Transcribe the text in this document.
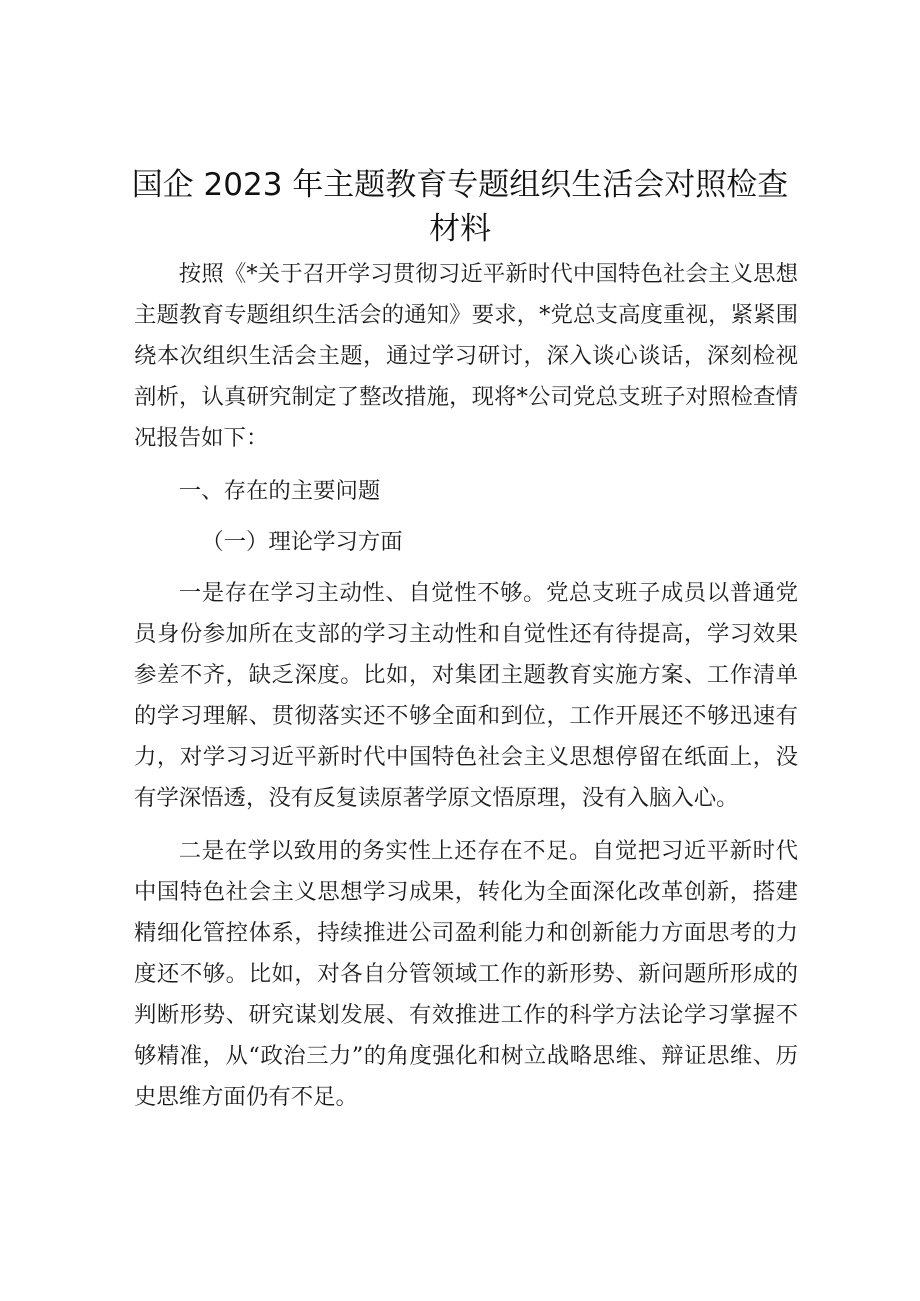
国企 2023 年主题教育专题组织生活会对照检查
材料

按照《*关于召开学习贯彻习近平新时代中国特色社会主义思想主题教育专题组织生活会的通知》要求，*党总支高度重视，紧紧围绕本次组织生活会主题，通过学习研讨，深入谈心谈话，深刻检视剖析，认真研究制定了整改措施，现将*公司党总支班子对照检查情况报告如下：

一、存在的主要问题

（一）理论学习方面

一是存在学习主动性、自觉性不够。党总支班子成员以普通党员身份参加所在支部的学习主动性和自觉性还有待提高，学习效果参差不齐，缺乏深度。比如，对集团主题教育实施方案、工作清单的学习理解、贯彻落实还不够全面和到位，工作开展还不够迅速有力，对学习习近平新时代中国特色社会主义思想停留在纸面上，没有学深悟透，没有反复读原著学原文悟原理，没有入脑入心。

二是在学以致用的务实性上还存在不足。自觉把习近平新时代中国特色社会主义思想学习成果，转化为全面深化改革创新，搭建精细化管控体系，持续推进公司盈利能力和创新能力方面思考的力度还不够。比如，对各自分管领域工作的新形势、新问题所形成的判断形势、研究谋划发展、有效推进工作的科学方法论学习掌握不够精准，从“政治三力”的角度强化和树立战略思维、辩证思维、历史思维方面仍有不足。
